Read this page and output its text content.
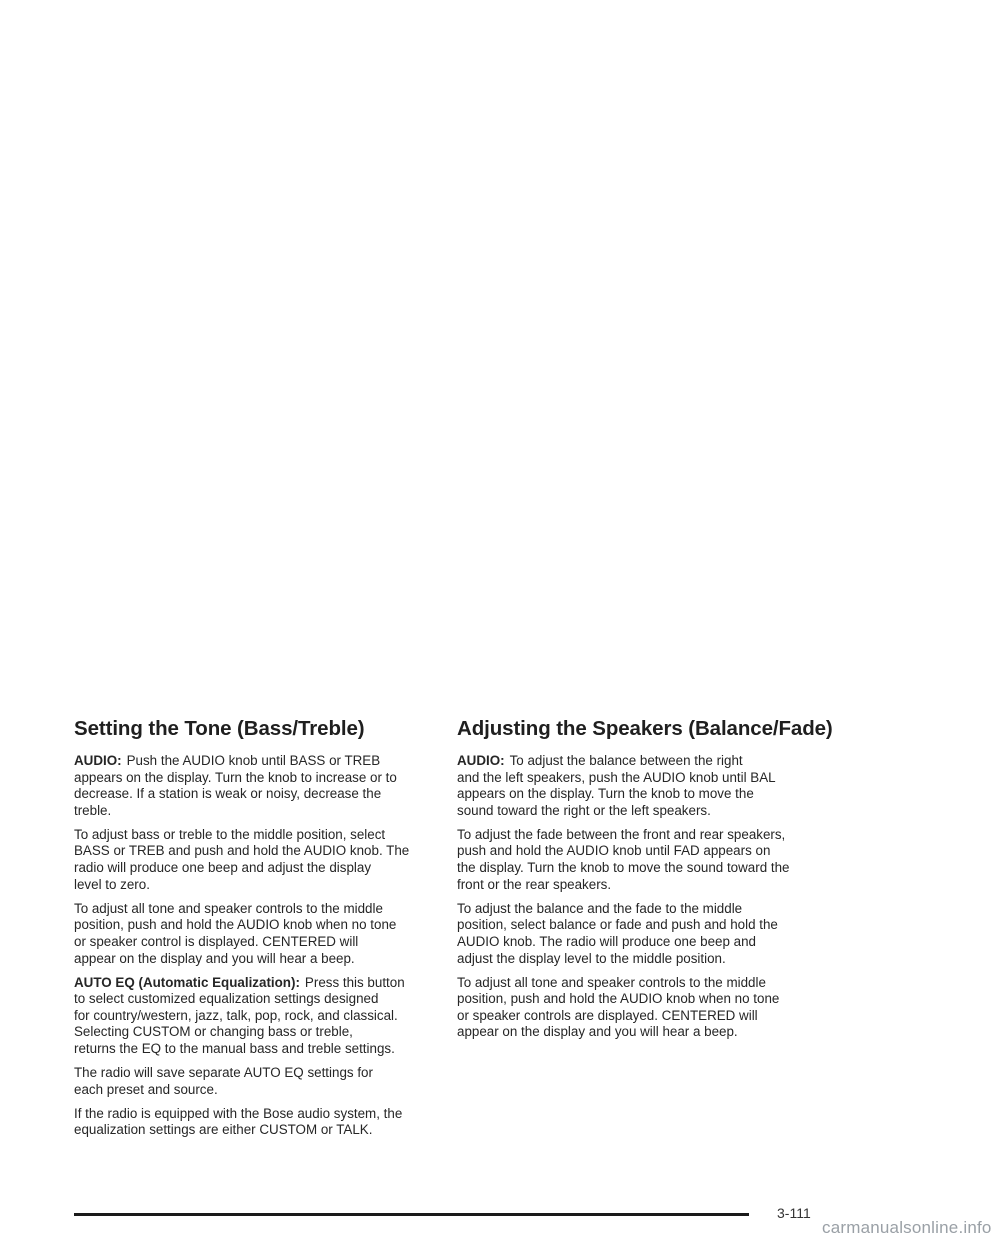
Setting the Tone (Bass/Treble)

AUDIO: Push the AUDIO knob until BASS or TREB
appears on the display. Turn the knob to increase or to
decrease. If a station is weak or noisy, decrease the
treble.

To adjust bass or treble to the middle position, select
BASS or TREB and push and hold the AUDIO knob. The
radio will produce one beep and adjust the display
level to zero.

To adjust all tone and speaker controls to the middle
position, push and hold the AUDIO knob when no tone
or speaker control is displayed. CENTERED will
appear on the display and you will hear a beep.

AUTO EQ (Automatic Equalization): Press this button
to select customized equalization settings designed
for country/western, jazz, talk, pop, rock, and classical.
Selecting CUSTOM or changing bass or treble,
returns the EQ to the manual bass and treble settings.

The radio will save separate AUTO EQ settings for
each preset and source.

If the radio is equipped with the Bose audio system, the
equalization settings are either CUSTOM or TALK.

Adjusting the Speakers (Balance/Fade)

AUDIO: To adjust the balance between the right
and the left speakers, push the AUDIO knob until BAL
appears on the display. Turn the knob to move the
sound toward the right or the left speakers.

To adjust the fade between the front and rear speakers,
push and hold the AUDIO knob until FAD appears on
the display. Turn the knob to move the sound toward the
front or the rear speakers.

To adjust the balance and the fade to the middle
position, select balance or fade and push and hold the
AUDIO knob. The radio will produce one beep and
adjust the display level to the middle position.

To adjust all tone and speaker controls to the middle
position, push and hold the AUDIO knob when no tone
or speaker controls are displayed. CENTERED will
appear on the display and you will hear a beep.

3-111
carmanualsonline.info
